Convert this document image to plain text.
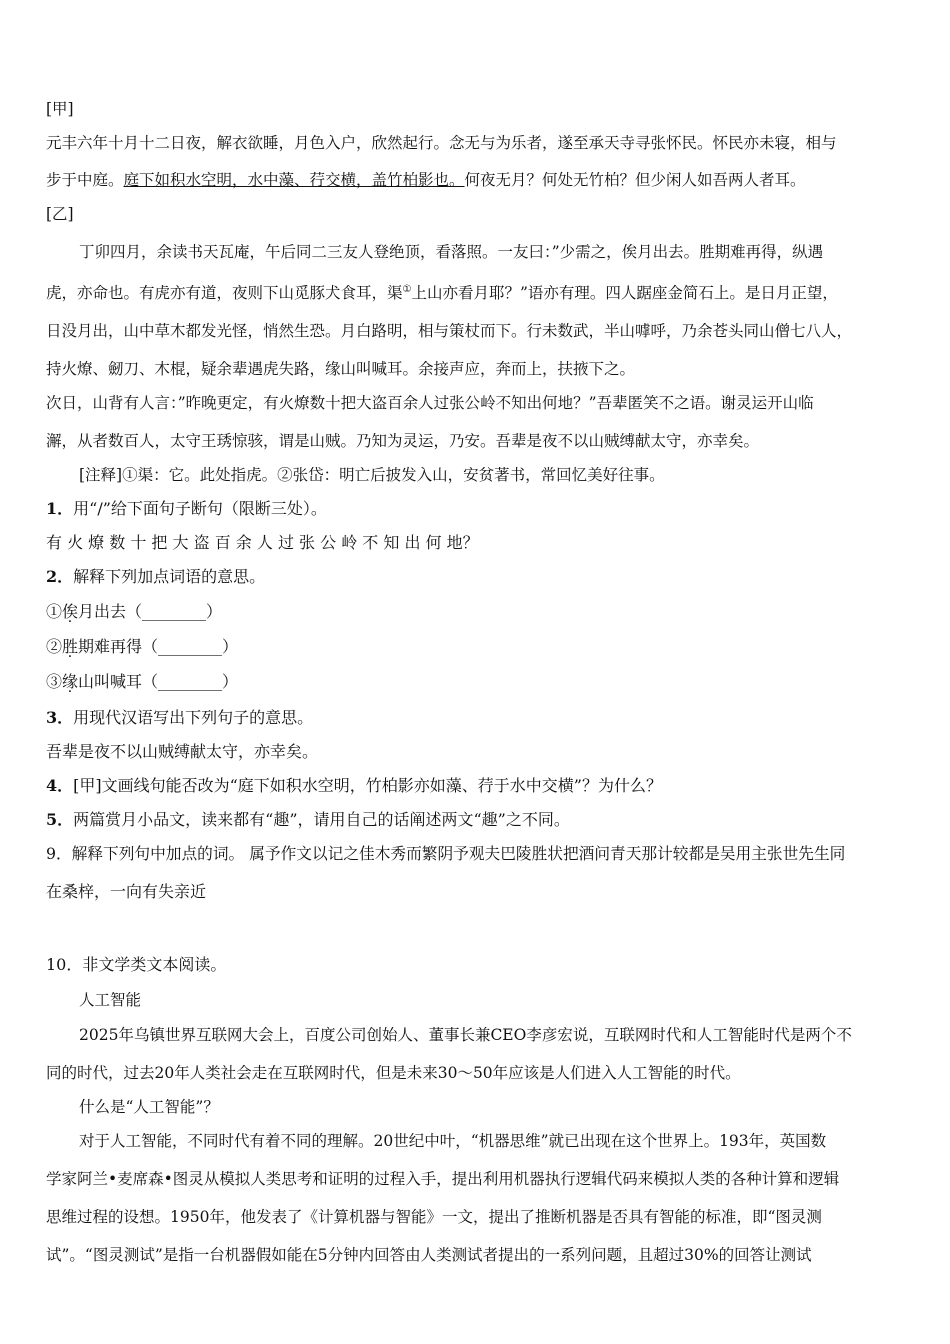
[甲]
元丰六年十月十二日夜，解衣欲睡，月色入户，欣然起行。念无与为乐者，遂至承天寺寻张怀民。怀民亦未寝，相与
步于中庭。庭下如积水空明，水中藻、荇交横，盖竹柏影也。何夜无月？何处无竹柏？但少闲人如吾两人者耳。
[乙]
丁卯四月，余读书天瓦庵，午后同二三友人登绝顶，看落照。一友曰：”少需之，俟月出去。胜期难再得，纵遇
虎，亦命也。有虎亦有道，夜则下山觅豚犬食耳，渠①上山亦看月耶？”语亦有理。四人踞座金简石上。是日月正望，
日没月出，山中草木都发光怪，悄然生恐。月白路明，相与策杖而下。行未数武，半山嘑呼，乃余苍头同山僧七八人，
持火燎、劒刀、木棍，疑余辈遇虎失路，缘山叫喊耳。余接声应，奔而上，扶掖下之。
次日，山背有人言：”昨晚更定，有火燎数十把大盗百余人过张公岭不知出何地？”吾辈匿笑不之语。谢灵运开山临
澥，从者数百人，太守王琇惊骇，谓是山贼。乃知为灵运，乃安。吾辈是夜不以山贼缚献太守，亦幸矣。
[注释]①渠：它。此处指虎。②张岱：明亡后披发入山，安贫著书，常回忆美好往事。
1．用“/”给下面句子断句（限断三处）。
有 火 燎 数 十 把 大 盗 百 余 人 过 张 公 岭 不 知 出 何 地？
2．解释下列加点词语的意思。
①俟月出去（________）
②胜期难再得（________）
③缘山叫喊耳（________）
3．用现代汉语写出下列句子的意思。
吾辈是夜不以山贼缚献太守，亦幸矣。
4．[甲]文画线句能否改为“庭下如积水空明，竹柏影亦如藻、荇于水中交横”？为什么？
5．两篇赏月小品文，读来都有“趣”，请用自己的话阐述两文“趣”之不同。
9．解释下列句中加点的词。 属予作文以记之佳木秀而繁阴予观夫巴陵胜状把酒问青天那计较都是吴用主张世先生同
在桑梓，一向有失亲近
10．非文学类文本阅读。
人工智能
2025年乌镇世界互联网大会上，百度公司创始人、董事长兼CEO李彦宏说，互联网时代和人工智能时代是两个不
同的时代，过去20年人类社会走在互联网时代，但是未来30～50年应该是人们进入人工智能的时代。
什么是“人工智能”？
对于人工智能，不同时代有着不同的理解。20世纪中叶，“机器思维”就已出现在这个世界上。193年，英国数
学家阿兰•麦席森•图灵从模拟人类思考和证明的过程入手，提出利用机器执行逻辑代码来模拟人类的各种计算和逻辑
思维过程的设想。1950年，他发表了《计算机器与智能》一文，提出了推断机器是否具有智能的标准，即“图灵测
试”。“图灵测试”是指一台机器假如能在5分钟内回答由人类测试者提出的一系列问题，且超过30%的回答让测试
